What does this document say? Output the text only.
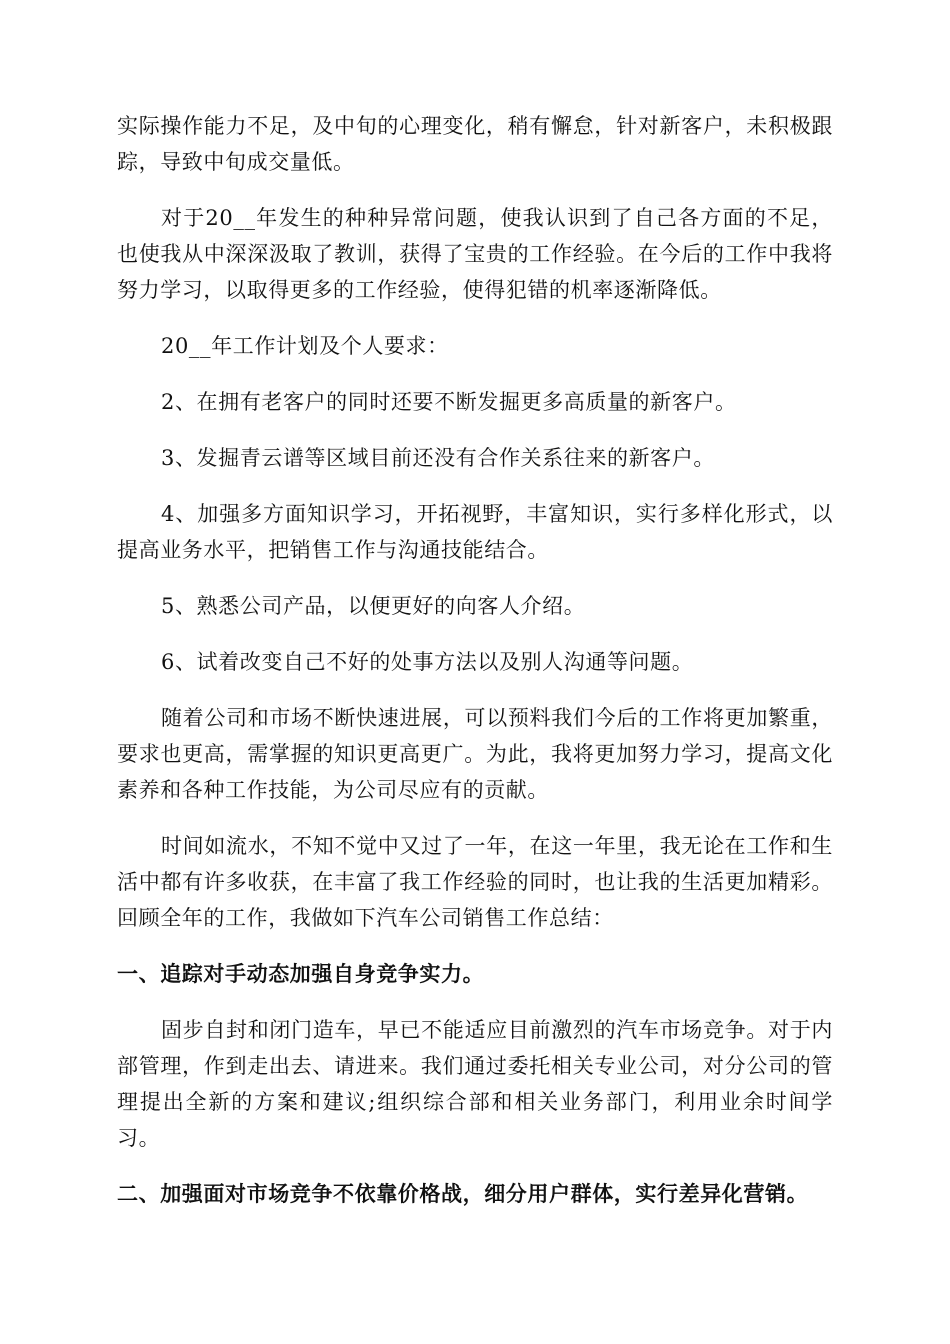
实际操作能力不足，及中旬的心理变化，稍有懈怠，针对新客户，未积极跟踪，导致中旬成交量低。

对于20__年发生的种种异常问题，使我认识到了自己各方面的不足，也使我从中深深汲取了教训，获得了宝贵的工作经验。在今后的工作中我将努力学习，以取得更多的工作经验，使得犯错的机率逐渐降低。

20__年工作计划及个人要求：

2、在拥有老客户的同时还要不断发掘更多高质量的新客户。

3、发掘青云谱等区域目前还没有合作关系往来的新客户。

4、加强多方面知识学习，开拓视野，丰富知识，实行多样化形式，以提高业务水平，把销售工作与沟通技能结合。

5、熟悉公司产品，以便更好的向客人介绍。

6、试着改变自己不好的处事方法以及别人沟通等问题。

随着公司和市场不断快速进展，可以预料我们今后的工作将更加繁重，要求也更高，需掌握的知识更高更广。为此，我将更加努力学习，提高文化素养和各种工作技能，为公司尽应有的贡献。

时间如流水，不知不觉中又过了一年，在这一年里，我无论在工作和生活中都有许多收获，在丰富了我工作经验的同时，也让我的生活更加精彩。回顾全年的工作，我做如下汽车公司销售工作总结：

一、追踪对手动态加强自身竞争实力。

固步自封和闭门造车，早已不能适应目前激烈的汽车市场竞争。对于内部管理，作到走出去、请进来。我们通过委托相关专业公司，对分公司的管理提出全新的方案和建议;组织综合部和相关业务部门，利用业余时间学习。

二、加强面对市场竞争不依靠价格战，细分用户群体，实行差异化营销。
